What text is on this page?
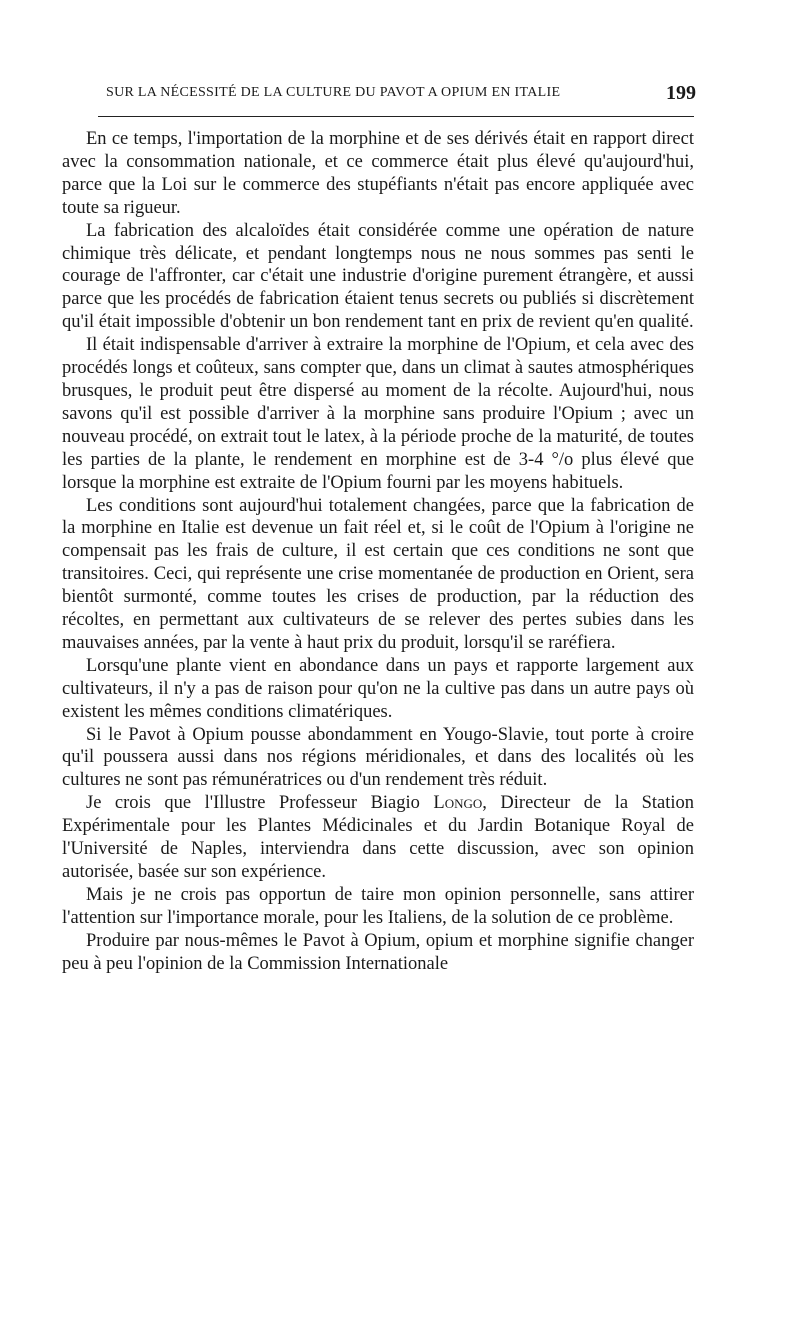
SUR LA NÉCESSITÉ DE LA CULTURE DU PAVOT A OPIUM EN ITALIE	199

En ce temps, l'importation de la morphine et de ses dérivés était en rapport direct avec la consommation nationale, et ce commerce était plus élevé qu'aujourd'hui, parce que la Loi sur le commerce des stupéfiants n'était pas encore appliquée avec toute sa rigueur.

La fabrication des alcaloïdes était considérée comme une opération de nature chimique très délicate, et pendant longtemps nous ne nous sommes pas senti le courage de l'affronter, car c'était une industrie d'origine purement étrangère, et aussi parce que les procédés de fabrication étaient tenus secrets ou publiés si discrètement qu'il était impossible d'obtenir un bon rendement tant en prix de revient qu'en qualité.

Il était indispensable d'arriver à extraire la morphine de l'Opium, et cela avec des procédés longs et coûteux, sans compter que, dans un climat à sautes atmosphériques brusques, le produit peut être dispersé au moment de la récolte. Aujourd'hui, nous savons qu'il est possible d'arriver à la morphine sans produire l'Opium ; avec un nouveau procédé, on extrait tout le latex, à la période proche de la maturité, de toutes les parties de la plante, le rendement en morphine est de 3-4 °/o plus élevé que lorsque la morphine est extraite de l'Opium fourni par les moyens habituels.

Les conditions sont aujourd'hui totalement changées, parce que la fabrication de la morphine en Italie est devenue un fait réel et, si le coût de l'Opium à l'origine ne compensait pas les frais de culture, il est certain que ces conditions ne sont que transitoires. Ceci, qui représente une crise momentanée de production en Orient, sera bientôt surmonté, comme toutes les crises de production, par la réduction des récoltes, en permettant aux cultivateurs de se relever des pertes subies dans les mauvaises années, par la vente à haut prix du produit, lorsqu'il se raréfiera.

Lorsqu'une plante vient en abondance dans un pays et rapporte largement aux cultivateurs, il n'y a pas de raison pour qu'on ne la cultive pas dans un autre pays où existent les mêmes conditions climatériques.

Si le Pavot à Opium pousse abondamment en Yougo-Slavie, tout porte à croire qu'il poussera aussi dans nos régions méridionales, et dans des localités où les cultures ne sont pas rémunératrices ou d'un rendement très réduit.

Je crois que l'Illustre Professeur Biagio Longo, Directeur de la Station Expérimentale pour les Plantes Médicinales et du Jardin Botanique Royal de l'Université de Naples, interviendra dans cette discussion, avec son opinion autorisée, basée sur son expérience.

Mais je ne crois pas opportun de taire mon opinion personnelle, sans attirer l'attention sur l'importance morale, pour les Italiens, de la solution de ce problème.

Produire par nous-mêmes le Pavot à Opium, opium et morphine signifie changer peu à peu l'opinion de la Commission Internationale
